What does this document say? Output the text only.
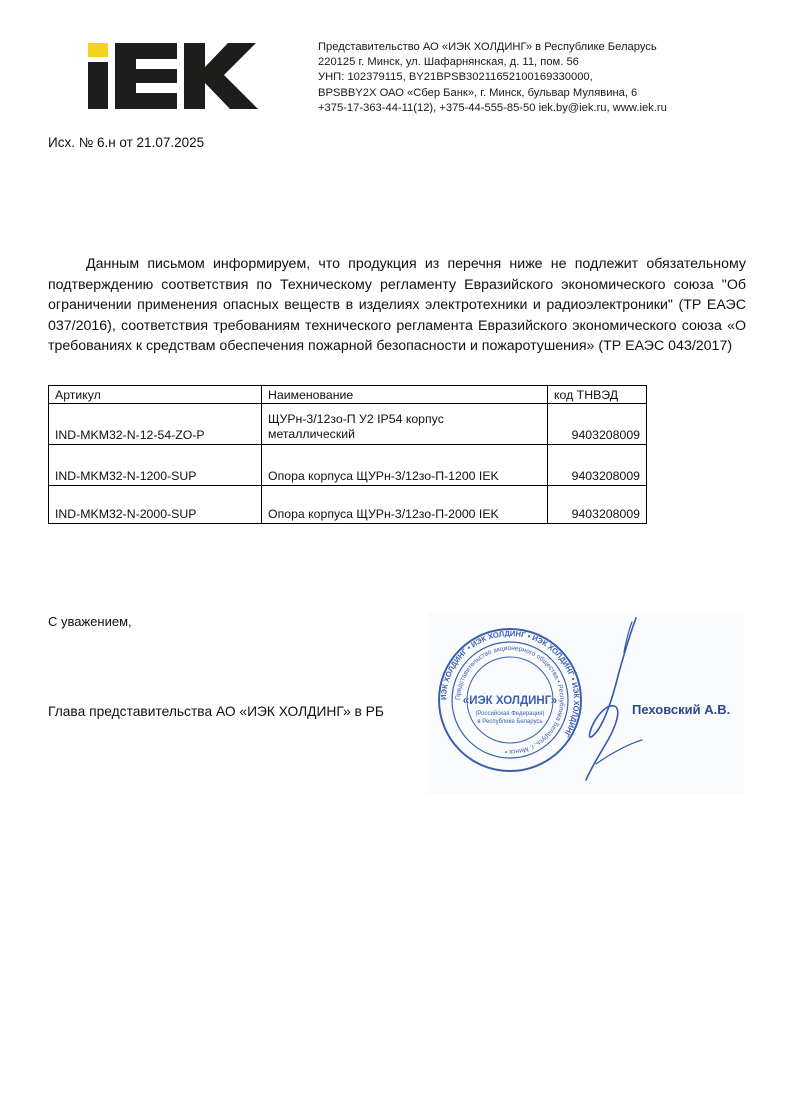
Представительство АО «ИЭК ХОЛДИНГ» в Республике Беларусь
220125 г. Минск, ул. Шафарнянская, д. 11, пом. 56
УНП: 102379115, BY21BPSB30211652100169330000,
BPSBBY2X ОАО «Сбер Банк», г. Минск, бульвар Мулявина, 6
+375-17-363-44-11(12), +375-44-555-85-50 iek.by@iek.ru, www.iek.ru
Исх. № 6.н от 21.07.2025

Данным письмом информируем, что продукция из перечня ниже не подлежит обязательному подтверждению соответствия по Техническому регламенту Евразийского экономического союза "Об ограничении применения опасных веществ в изделиях электротехники и радиоэлектроники" (ТР ЕАЭС 037/2016), соответствия требованиям технического регламента Евразийского экономического союза «О требованиях к средствам обеспечения пожарной безопасности и пожаротушения» (ТР ЕАЭС 043/2017)

Артикул	Наименование	код ТНВЭД
IND-MKM32-N-12-54-ZO-P	ЩУРн-3/12зо-П У2 IP54 корпус
металлический	9403208009
IND-MKM32-N-1200-SUP	Опора корпуса ЩУРн-3/12зо-П-1200 IEK	9403208009
IND-MKM32-N-2000-SUP	Опора корпуса ЩУРн-3/12зо-П-2000 IEK	9403208009
С уважением,
Глава представительства АО «ИЭК ХОЛДИНГ» в РБ
ИЭК ХОЛДИНГ • ИЭК ХОЛДИНГ • ИЭК ХОЛДИНГ • ИЭК ХОЛДИНГ
Представительство акционерного общества • Республика Беларусь, г. Минск •
«ИЭК ХОЛДИНГ»
(Российская Федерация)
в Республике Беларусь
Пеховский А.В.
